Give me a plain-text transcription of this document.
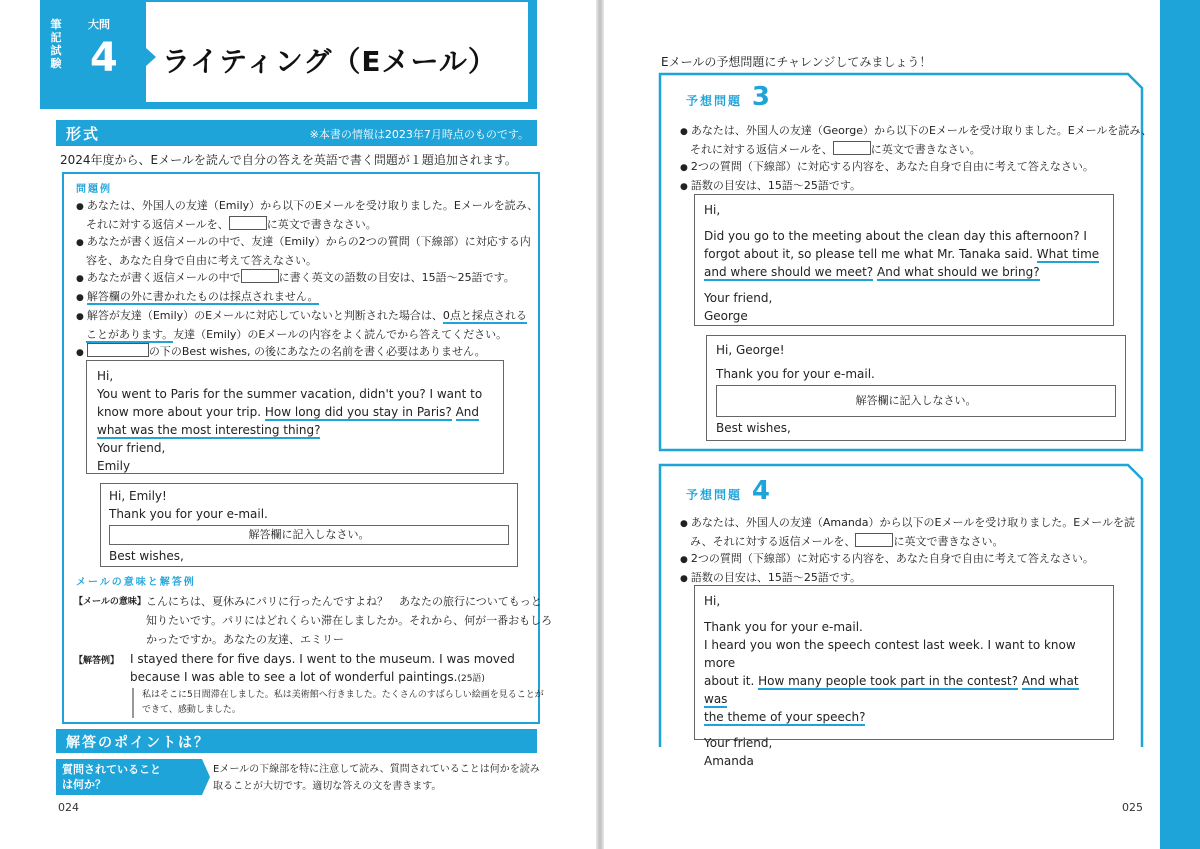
筆記試験
大問
4 ライティング（Eメール）
形式	※本書の情報は2023年7月時点のものです。
2024年度から、Eメールを読んで自分の答えを英語で書く問題が１題追加されます。
問題例
● あなたは、外国人の友達（Emily）から以下のEメールを受け取りました。Eメールを読み、
それに対する返信メールを、	に英文で書きなさい。
● あなたが書く返信メールの中で、友達（Emily）からの2つの質問（下線部）に対応する内
容を、あなた自身で自由に考えて答えなさい。
● あなたが書く返信メールの中で	に書く英文の語数の目安は、15語〜25語です。
● 解答欄の外に書かれたものは採点されません。
● 解答が友達（Emily）のEメールに対応していないと判断された場合は、0点と採点される
ことがあります。友達（Emily）のEメールの内容をよく読んでから答えてください。
● の下のBest wishes, の後にあなたの名前を書く必要はありません。
Hi,
You went to Paris for the summer vacation, didn't you? I want to
know more about your trip. How long did you stay in Paris? And
what was the most interesting thing?
Your friend,
Emily
Hi, Emily!
Thank you for your e-mail.
解答欄に記入しなさい。
Best wishes,
メールの意味と解答例
【メールの意味】 こんにちは、夏休みにパリに行ったんですよね？　あなたの旅行についてもっと
知りたいです。パリにはどれくらい滞在しましたか。それから、何が一番おもしろ
かったですか。あなたの友達、エミリー
【解答例】 I stayed there for five days. I went to the museum. I was moved
because I was able to see a lot of wonderful paintings.(25語)
私はそこに5日間滞在しました。私は美術館へ行きました。たくさんのすばらしい絵画を見ることが
できて、感動しました。
解答のポイントは？
質問されていること
は何か？
Eメールの下線部を特に注意して読み、質問されていることは何かを読み
取ることが大切です。適切な答えの文を書きます。
024
Eメールの予想問題にチャレンジしてみましょう！
予想問題 3
● あなたは、外国人の友達（George）から以下のEメールを受け取りました。Eメールを読み、
それに対する返信メールを、	に英文で書きなさい。
● 2つの質問（下線部）に対応する内容を、あなた自身で自由に考えて答えなさい。
● 語数の目安は、15語〜25語です。
Hi,
Did you go to the meeting about the clean day this afternoon? I
forgot about it, so please tell me what Mr. Tanaka said. What time
and where should we meet? And what should we bring?
Your friend,
George
Hi, George!
Thank you for your e-mail.
解答欄に記入しなさい。
Best wishes,
予想問題 4
● あなたは、外国人の友達（Amanda）から以下のEメールを受け取りました。Eメールを読
み、それに対する返信メールを、	に英文で書きなさい。
● 2つの質問（下線部）に対応する内容を、あなた自身で自由に考えて答えなさい。
● 語数の目安は、15語〜25語です。
Hi,
Thank you for your e-mail.
I heard you won the speech contest last week. I want to know more
about it. How many people took part in the contest? And what was
the theme of your speech?
Your friend,
Amanda
025
